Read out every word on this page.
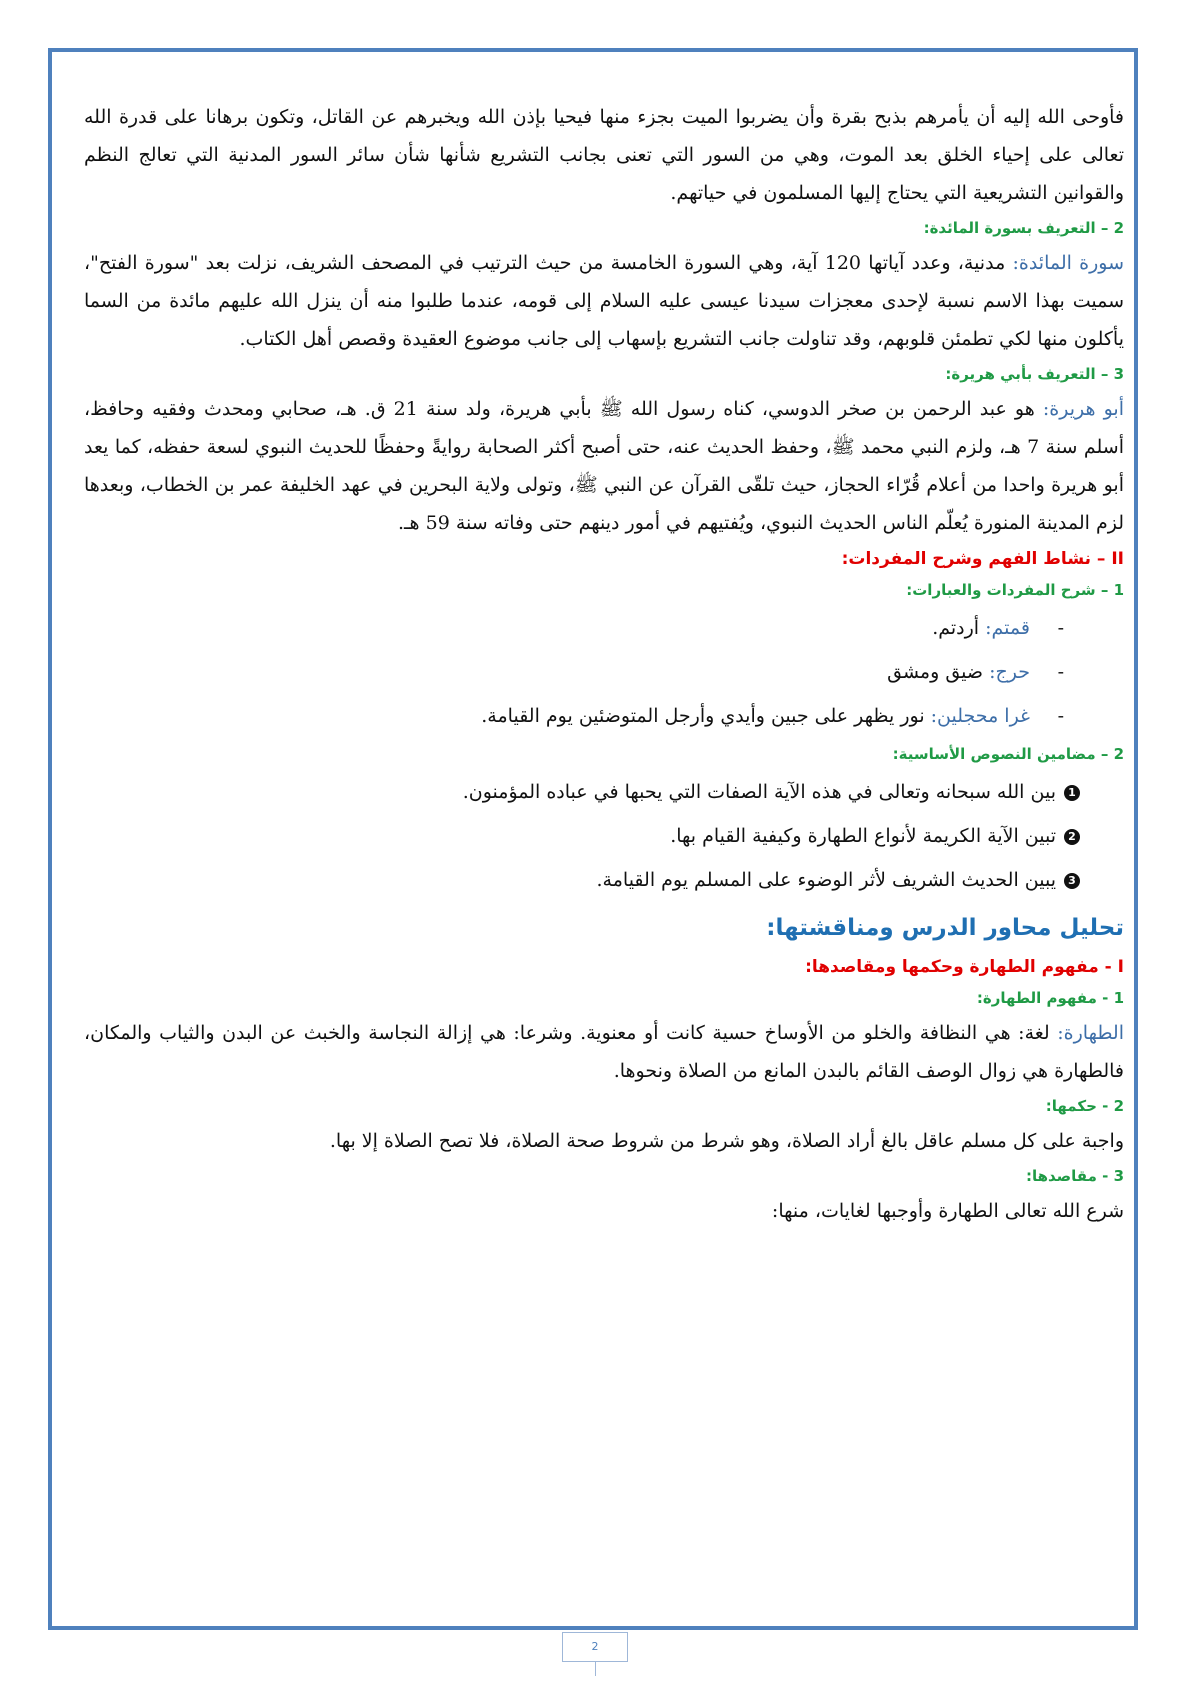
فأوحى الله إليه أن يأمرهم بذبح بقرة وأن يضربوا الميت بجزء منها فيحيا بإذن الله ويخبرهم عن القاتل، وتكون برهانا على قدرة الله تعالى على إحياء الخلق بعد الموت، وهي من السور التي تعنى بجانب التشريع شأنها شأن سائر السور المدنية التي تعالج النظم والقوانين التشريعية التي يحتاج إليها المسلمون في حياتهم.

2 – التعريف بسورة المائدة:

سورة المائدة: مدنية، وعدد آياتها 120 آية، وهي السورة الخامسة من حيث الترتيب في المصحف الشريف، نزلت بعد "سورة الفتح"، سميت بهذا الاسم نسبة لإحدى معجزات سيدنا عيسى عليه السلام إلى قومه، عندما طلبوا منه أن ينزل الله عليهم مائدة من السما يأكلون منها لكي تطمئن قلوبهم، وقد تناولت جانب التشريع بإسهاب إلى جانب موضوع العقيدة وقصص أهل الكتاب.

3 – التعريف بأبي هريرة:

أبو هريرة: هو عبد الرحمن بن صخر الدوسي، كناه رسول الله ﷺ بأبي هريرة، ولد سنة 21 ق. هـ، صحابي ومحدث وفقيه وحافظ، أسلم سنة 7 هـ، ولزم النبي محمد ﷺ، وحفظ الحديث عنه، حتى أصبح أكثر الصحابة روايةً وحفظًا للحديث النبوي لسعة حفظه، كما يعد أبو هريرة واحدا من أعلام قُرّاء الحجاز، حيث تلقّى القرآن عن النبي ﷺ، وتولى ولاية البحرين في عهد الخليفة عمر بن الخطاب، وبعدها لزم المدينة المنورة يُعلّم الناس الحديث النبوي، ويُفتيهم في أمور دينهم حتى وفاته سنة 59 هـ.

II – نشاط الفهم وشرح المفردات:
1 – شرح المفردات والعبارات:
-قمتم: أردتم.
-حرج: ضيق ومشق
-غرا محجلين: نور يظهر على جبين وأيدي وأرجل المتوضئين يوم القيامة.
2 – مضامين النصوص الأساسية:
1بين الله سبحانه وتعالى في هذه الآية الصفات التي يحبها في عباده المؤمنون.
2تبين الآية الكريمة لأنواع الطهارة وكيفية القيام بها.
3يبين الحديث الشريف لأثر الوضوء على المسلم يوم القيامة.
تحليل محاور الدرس ومناقشتها:
I - مفهوم الطهارة وحكمها ومقاصدها:
1 - مفهوم الطهارة:

الطهارة: لغة: هي النظافة والخلو من الأوساخ حسية كانت أو معنوية. وشرعا: هي إزالة النجاسة والخبث عن البدن والثياب والمكان، فالطهارة هي زوال الوصف القائم بالبدن المانع من الصلاة ونحوها.

2 - حكمها:

واجبة على كل مسلم عاقل بالغ أراد الصلاة، وهو شرط من شروط صحة الصلاة، فلا تصح الصلاة إلا بها.

3 - مقاصدها:

شرع الله تعالى الطهارة وأوجبها لغايات، منها:

2
